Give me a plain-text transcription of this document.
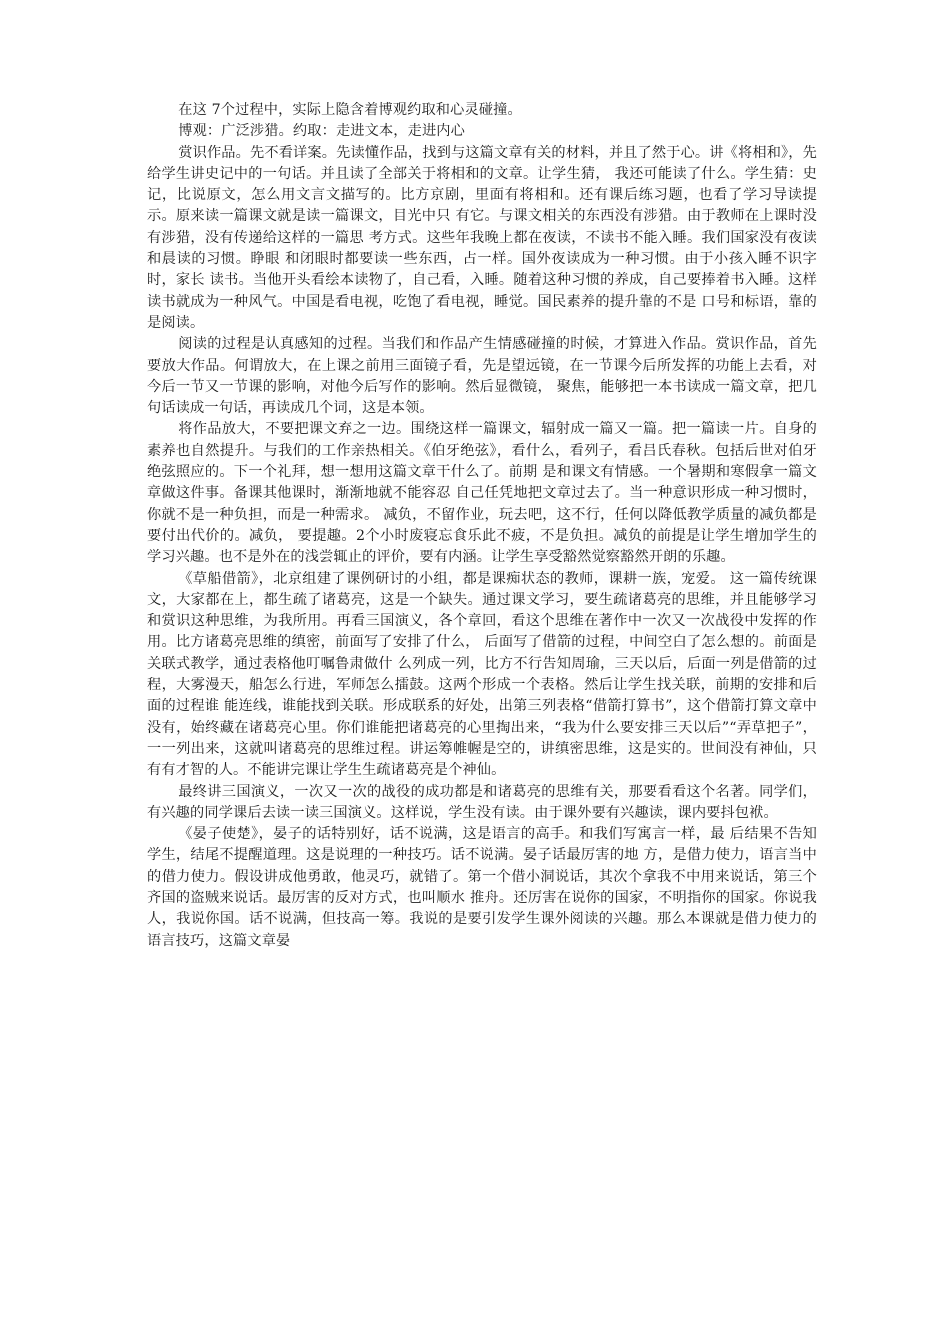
在这 7个过程中，实际上隐含着博观约取和心灵碰撞。

博观：广泛涉猎。约取：走进文本，走进内心

赏识作品。先不看详案。先读懂作品，找到与这篇文章有关的材料，并且了然于心。讲《将相和》，先给学生讲史记中的一句话。并且读了全部关于将相和的文章。让学生猜， 我还可能读了什么。学生猜：史记，比说原文，怎么用文言文描写的。比方京剧，里面有将相和。还有课后练习题，也看了学习导读提示。原来读一篇课文就是读一篇课文，目光中只 有它。与课文相关的东西没有涉猎。由于教师在上课时没有涉猎，没有传递给这样的一篇思 考方式。这些年我晚上都在夜读，不读书不能入睡。我们国家没有夜读和晨读的习惯。睁眼 和闭眼时都要读一些东西，占一样。国外夜读成为一种习惯。由于小孩入睡不识字时，家长 读书。当他开头看绘本读物了，自己看，入睡。随着这种习惯的养成，自己要捧着书入睡。这样读书就成为一种风气。中国是看电视，吃饱了看电视，睡觉。国民素养的提升靠的不是 口号和标语，靠的是阅读。

阅读的过程是认真感知的过程。当我们和作品产生情感碰撞的时候，才算进入作品。赏识作品，首先要放大作品。何谓放大，在上课之前用三面镜子看，先是望远镜，在一节课今后所发挥的功能上去看，对今后一节又一节课的影响，对他今后写作的影响。然后显微镜， 聚焦，能够把一本书读成一篇文章，把几句话读成一句话，再读成几个词，这是本领。

将作品放大，不要把课文弃之一边。围绕这样一篇课文，辐射成一篇又一篇。把一篇读一片。自身的素养也自然提升。与我们的工作亲热相关。《伯牙绝弦》，看什么，看列子，看吕氏春秋。包括后世对伯牙绝弦照应的。下一个礼拜，想一想用这篇文章干什么了。前期 是和课文有情感。一个暑期和寒假拿一篇文章做这件事。备课其他课时，渐渐地就不能容忍 自己任凭地把文章过去了。当一种意识形成一种习惯时，你就不是一种负担，而是一种需求。 减负，不留作业，玩去吧，这不行，任何以降低教学质量的减负都是要付出代价的。减负， 要提趣。2个小时废寝忘食乐此不疲，不是负担。减负的前提是让学生增加学生的学习兴趣。也不是外在的浅尝辄止的评价，要有内涵。让学生享受豁然觉察豁然开朗的乐趣。

《草船借箭》，北京组建了课例研讨的小组，都是课痴状态的教师，课耕一族，宠爱。 这一篇传统课文，大家都在上，都生疏了诸葛亮，这是一个缺失。通过课文学习，要生疏诸葛亮的思维，并且能够学习和赏识这种思维，为我所用。再看三国演义，各个章回，看这个思维在著作中一次又一次战役中发挥的作用。比方诸葛亮思维的缜密，前面写了安排了什么， 后面写了借箭的过程，中间空白了怎么想的。前面是关联式教学，通过表格他叮嘱鲁肃做什 么列成一列，比方不行告知周瑜，三天以后，后面一列是借箭的过程，大雾漫天，船怎么行进，军师怎么擂鼓。这两个形成一个表格。然后让学生找关联，前期的安排和后面的过程谁 能连线，谁能找到关联。形成联系的好处，出第三列表格“借箭打算书”，这个借箭打算文章中没有，始终藏在诸葛亮心里。你们谁能把诸葛亮的心里掏出来，“我为什么要安排三天以后”“弄草把子”，一一列出来，这就叫诸葛亮的思维过程。讲运筹帷幄是空的，讲缜密思维，这是实的。世间没有神仙，只有有才智的人。不能讲完课让学生生疏诸葛亮是个神仙。

最终讲三国演义，一次又一次的战役的成功都是和诸葛亮的思维有关，那要看看这个名著。同学们，有兴趣的同学课后去读一读三国演义。这样说，学生没有读。由于课外要有兴趣读，课内要抖包袱。

《晏子使楚》，晏子的话特别好，话不说满，这是语言的高手。和我们写寓言一样，最 后结果不告知学生，结尾不提醒道理。这是说理的一种技巧。话不说满。晏子话最厉害的地 方，是借力使力，语言当中的借力使力。假设讲成他勇敢，他灵巧，就错了。第一个借小洞说话，其次个拿我不中用来说话，第三个齐国的盗贼来说话。最厉害的反对方式，也叫顺水 推舟。还厉害在说你的国家，不明指你的国家。你说我人，我说你国。话不说满，但技高一筹。我说的是要引发学生课外阅读的兴趣。那么本课就是借力使力的语言技巧，这篇文章晏
